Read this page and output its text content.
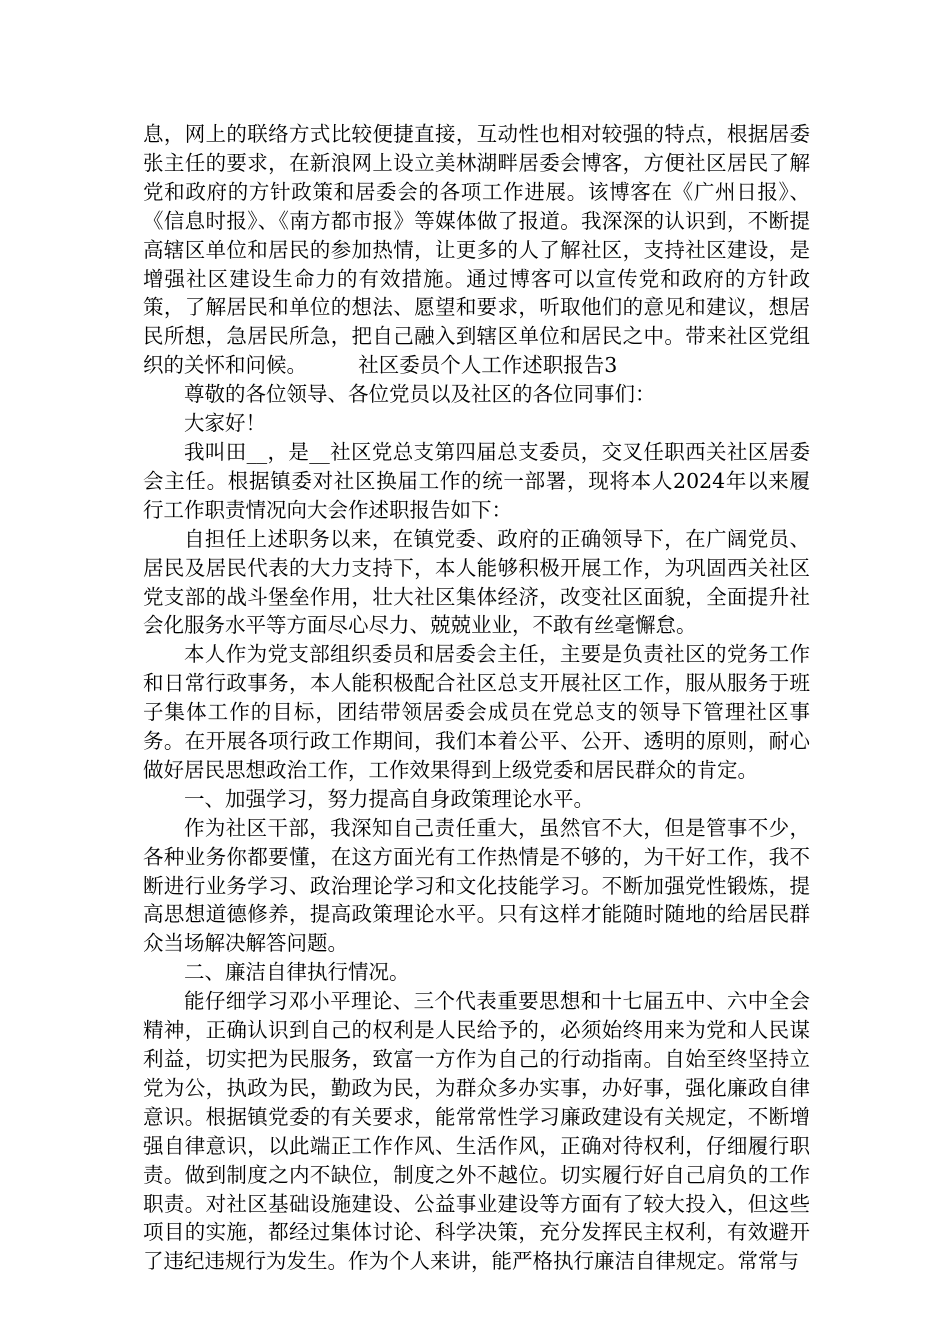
息，网上的联络方式比较便捷直接，互动性也相对较强的特点，根据居委张主任的要求，在新浪网上设立美林湖畔居委会博客，方便社区居民了解党和政府的方针政策和居委会的各项工作进展。该博客在《广州日报》、《信息时报》、《南方都市报》等媒体做了报道。我深深的认识到，不断提高辖区单位和居民的参加热情，让更多的人了解社区，支持社区建设，是增强社区建设生命力的有效措施。通过博客可以宣传党和政府的方针政策，了解居民和单位的想法、愿望和要求，听取他们的意见和建议，想居民所想，急居民所急，把自己融入到辖区单位和居民之中。带来社区党组织的关怀和问候。	社区委员个人工作述职报告3

尊敬的各位领导、各位党员以及社区的各位同事们：

大家好！

我叫田__，是__社区党总支第四届总支委员，交叉任职西关社区居委会主任。根据镇委对社区换届工作的统一部署，现将本人2024年以来履行工作职责情况向大会作述职报告如下：

自担任上述职务以来，在镇党委、政府的正确领导下，在广阔党员、居民及居民代表的大力支持下，本人能够积极开展工作，为巩固西关社区党支部的战斗堡垒作用，壮大社区集体经济，改变社区面貌，全面提升社会化服务水平等方面尽心尽力、兢兢业业，不敢有丝毫懈怠。

本人作为党支部组织委员和居委会主任，主要是负责社区的党务工作和日常行政事务，本人能积极配合社区总支开展社区工作，服从服务于班子集体工作的目标，团结带领居委会成员在党总支的领导下管理社区事务。在开展各项行政工作期间，我们本着公平、公开、透明的原则，耐心做好居民思想政治工作，工作效果得到上级党委和居民群众的肯定。

一、加强学习，努力提高自身政策理论水平。

作为社区干部，我深知自己责任重大，虽然官不大，但是管事不少，各种业务你都要懂，在这方面光有工作热情是不够的，为干好工作，我不断进行业务学习、政治理论学习和文化技能学习。不断加强党性锻炼，提高思想道德修养，提高政策理论水平。只有这样才能随时随地的给居民群众当场解决解答问题。

二、廉洁自律执行情况。

能仔细学习邓小平理论、三个代表重要思想和十七届五中、六中全会精神，正确认识到自己的权利是人民给予的，必须始终用来为党和人民谋利益，切实把为民服务，致富一方作为自己的行动指南。自始至终坚持立党为公，执政为民，勤政为民，为群众多办实事，办好事，强化廉政自律意识。根据镇党委的有关要求，能常常性学习廉政建设有关规定，不断增强自律意识，以此端正工作作风、生活作风，正确对待权利，仔细履行职责。做到制度之内不缺位，制度之外不越位。切实履行好自己肩负的工作职责。对社区基础设施建设、公益事业建设等方面有了较大投入，但这些项目的实施，都经过集体讨论、科学决策，充分发挥民主权利，有效避开了违纪违规行为发生。作为个人来讲，能严格执行廉洁自律规定。常常与
